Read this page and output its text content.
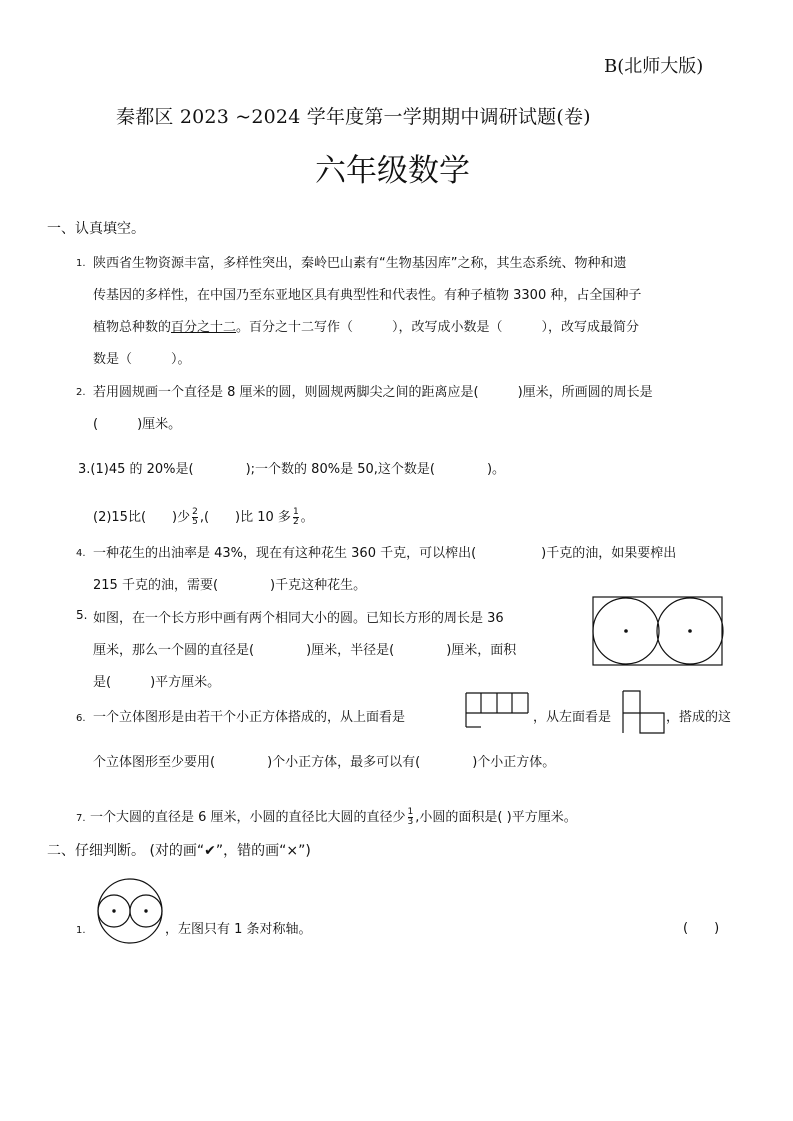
B(北师大版)
秦都区 2023 ~2024 学年度第一学期期中调研试题(卷)
六年级数学
一、认真填空。
1. 陕西省生物资源丰富，多样性突出，秦岭巴山素有“生物基因库”之称，其生态系统、物种和遗
传基因的多样性，在中国乃至东亚地区具有典型性和代表性。有种子植物 3300 种，占全国种子
植物总种数的百分之十二。百分之十二写作（　　　），改写成小数是（　　　），改写成最简分
数是（　　　）。
2. 若用圆规画一个直径是 8 厘米的圆，则圆规两脚尖之间的距离应是(　　　)厘米，所画圆的周长是
(　　　)厘米。
3.(1)45 的 20%是(　　　　);一个数的 80%是 50,这个数是(　　　　)。
(2)15比(　　)少 $\frac{2}{5}$ ,(　　)比 10 多 $\frac{1}{2}$ 。
4. 一种花生的出油率是 43%，现在有这种花生 360 千克，可以榨出(　　　　　)千克的油，如果要榨出
215 千克的油，需要(　　　　)千克这种花生。
5. 如图，在一个长方形中画有两个相同大小的圆。已知长方形的周长是 36
厘米，那么一个圆的直径是(　　　　)厘米，半径是(　　　　)厘米，面积
是(　　　)平方厘米。
6. 一个立体图形是由若干个小正方体搭成的，从上面看是	，从左面看是	，搭成的这
个立体图形至少要用(　　　　)个小正方体，最多可以有(　　　　)个小正方体。
7. 一个大圆的直径是 6 厘米，小圆的直径比大圆的直径少 $\frac{1}{3}$ ,小圆的面积是( )平方厘米。
二、仔细判断。 (对的画“✔”，错的画“×”)
1.	，左图只有 1 条对称轴。	(　　)
